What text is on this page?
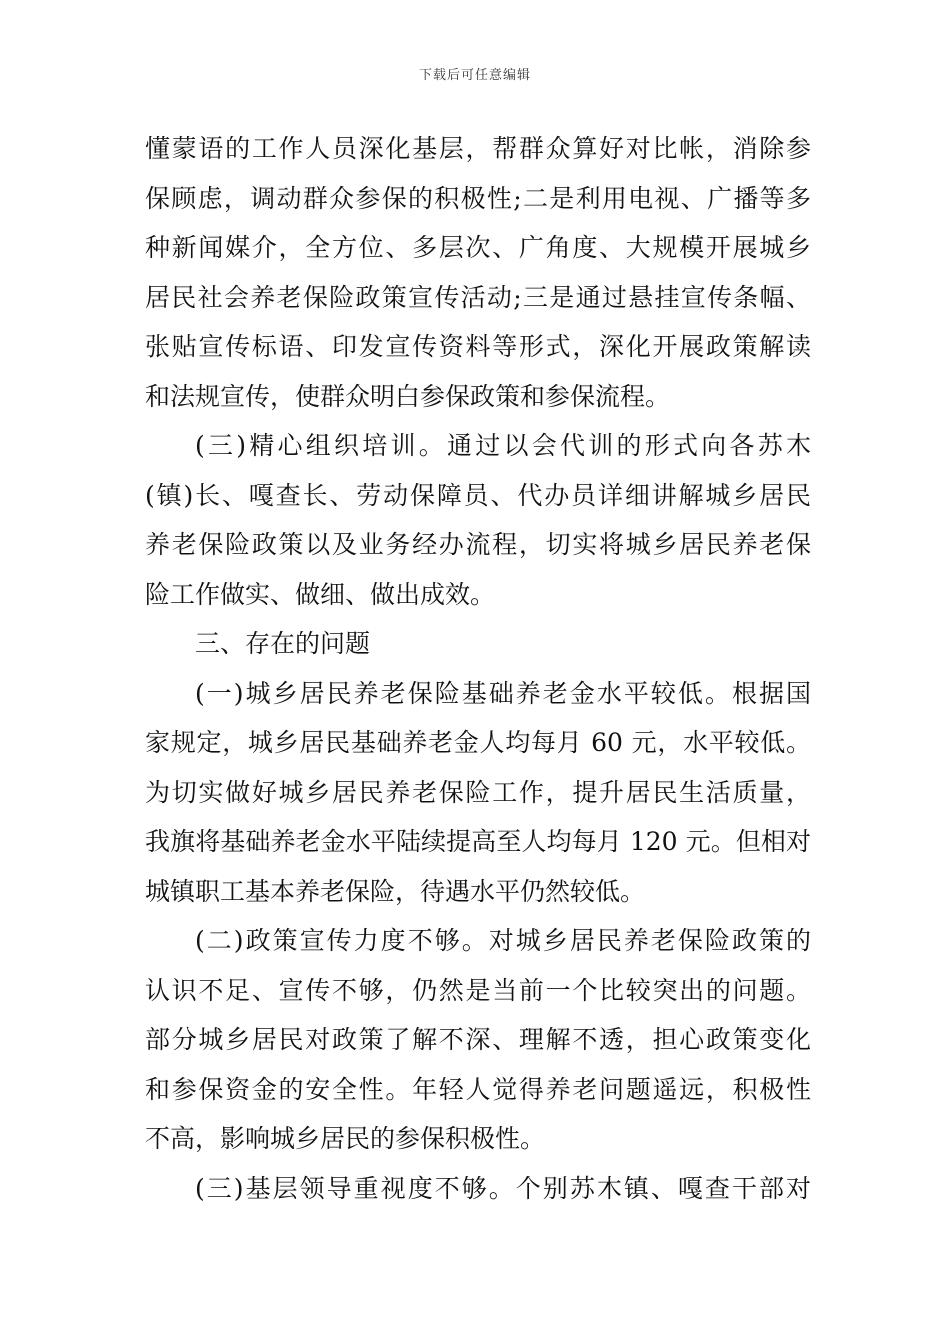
下载后可任意编辑
懂蒙语的工作人员深化基层，帮群众算好对比帐，消除参
保顾虑，调动群众参保的积极性;二是利用电视、广播等多
种新闻媒介，全方位、多层次、广角度、大规模开展城乡
居民社会养老保险政策宣传活动;三是通过悬挂宣传条幅、
张贴宣传标语、印发宣传资料等形式，深化开展政策解读
和法规宣传，使群众明白参保政策和参保流程。
(三)精心组织培训。通过以会代训的形式向各苏木
(镇)长、嘎查长、劳动保障员、代办员详细讲解城乡居民
养老保险政策以及业务经办流程，切实将城乡居民养老保
险工作做实、做细、做出成效。
三、存在的问题
(一)城乡居民养老保险基础养老金水平较低。根据国
家规定，城乡居民基础养老金人均每月 60 元，水平较低。
为切实做好城乡居民养老保险工作，提升居民生活质量，
我旗将基础养老金水平陆续提高至人均每月 120 元。但相对
城镇职工基本养老保险，待遇水平仍然较低。
(二)政策宣传力度不够。对城乡居民养老保险政策的
认识不足、宣传不够，仍然是当前一个比较突出的问题。
部分城乡居民对政策了解不深、理解不透，担心政策变化
和参保资金的安全性。年轻人觉得养老问题遥远，积极性
不高，影响城乡居民的参保积极性。
(三)基层领导重视度不够。个别苏木镇、嘎查干部对
